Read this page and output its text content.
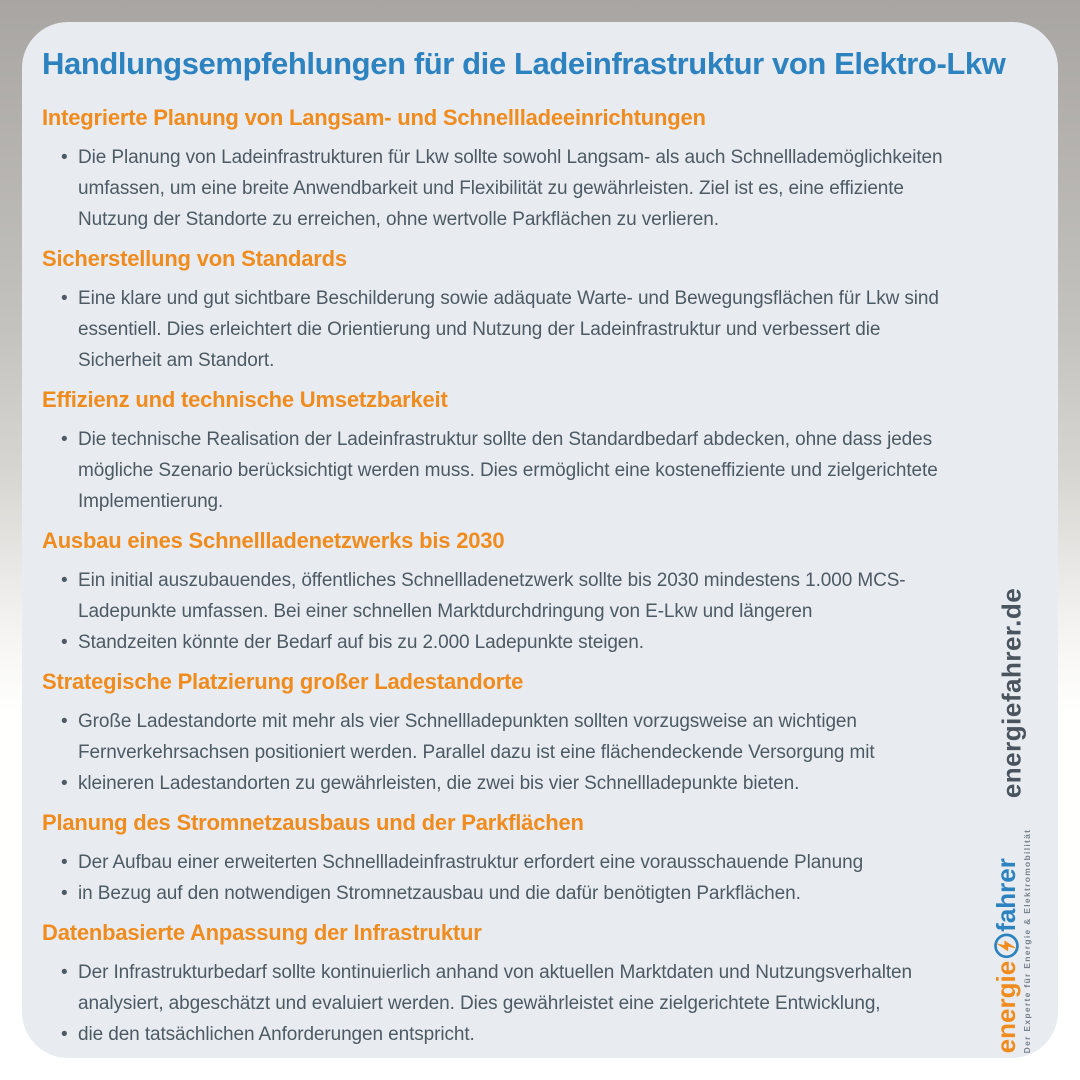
Handlungsempfehlungen für die Ladeinfrastruktur von Elektro-Lkw
Integrierte Planung von Langsam- und Schnellladeeinrichtungen
• Die Planung von Ladeinfrastrukturen für Lkw sollte sowohl Langsam- als auch Schnelllademöglichkeiten umfassen, um eine breite Anwendbarkeit und Flexibilität zu gewährleisten. Ziel ist es, eine effiziente Nutzung der Standorte zu erreichen, ohne wertvolle Parkflächen zu verlieren.
Sicherstellung von Standards
• Eine klare und gut sichtbare Beschilderung sowie adäquate Warte- und Bewegungsflächen für Lkw sind essentiell. Dies erleichtert die Orientierung und Nutzung der Ladeinfrastruktur und verbessert die Sicherheit am Standort.
Effizienz und technische Umsetzbarkeit
• Die technische Realisation der Ladeinfrastruktur sollte den Standardbedarf abdecken, ohne dass jedes mögliche Szenario berücksichtigt werden muss. Dies ermöglicht eine kosteneffiziente und zielgerichtete Implementierung.
Ausbau eines Schnellladenetzwerks bis 2030
• Ein initial auszubauendes, öffentliches Schnellladenetzwerk sollte bis 2030 mindestens 1.000 MCS-Ladepunkte umfassen. Bei einer schnellen Marktdurchdringung von E-Lkw und längeren
• Standzeiten könnte der Bedarf auf bis zu 2.000 Ladepunkte steigen.
Strategische Platzierung großer Ladestandorte
• Große Ladestandorte mit mehr als vier Schnellladepunkten sollten vorzugsweise an wichtigen Fernverkehrsachsen positioniert werden. Parallel dazu ist eine flächendeckende Versorgung mit
• kleineren Ladestandorten zu gewährleisten, die zwei bis vier Schnellladepunkte bieten.
Planung des Stromnetzausbaus und der Parkflächen
• Der Aufbau einer erweiterten Schnellladeinfrastruktur erfordert eine vorausschauende Planung
• in Bezug auf den notwendigen Stromnetzausbau und die dafür benötigten Parkflächen.
Datenbasierte Anpassung der Infrastruktur
• Der Infrastrukturbedarf sollte kontinuierlich anhand von aktuellen Marktdaten und Nutzungsverhalten analysiert, abgeschätzt und evaluiert werden. Dies gewährleistet eine zielgerichtete Entwicklung,
• die den tatsächlichen Anforderungen entspricht.
energiefahrer.de
energie
fahrer Der Experte für Energie & Elektromobilität
